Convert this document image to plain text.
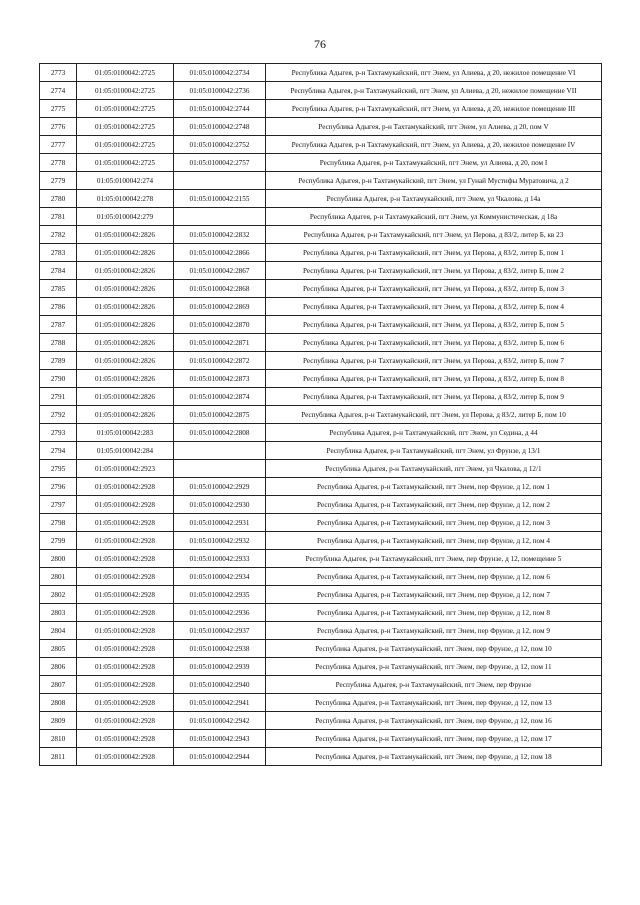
76
2773	01:05:0100042:2725	01:05:0100042:2734	Республика Адыгея, р-н Тахтамукайский, пгт Энем, ул Алиева, д 20, нежилое помещение VI
2774	01:05:0100042:2725	01:05:0100042:2736	Республика Адыгея, р-н Тахтамукайский, пгт Энем, ул Алиева, д 20, нежилое помещение VII
2775	01:05:0100042:2725	01:05:0100042:2744	Республика Адыгея, р-н Тахтамукайский, пгт Энем, ул Алиева, д 20, нежилое помещение III
2776	01:05:0100042:2725	01:05:0100042:2748	Республика Адыгея, р-н Тахтамукайский, пгт Энем, ул Алиева, д 20, пом V
2777	01:05:0100042:2725	01:05:0100042:2752	Республика Адыгея, р-н Тахтамукайский, пгт Энем, ул Алиева, д 20, нежилое помещение IV
2778	01:05:0100042:2725	01:05:0100042:2757	Республика Адыгея, р-н Тахтамукайский, пгт Энем, ул Алиева, д 20, пом I
2779	01:05:0100042:274		Республика Адыгея, р-н Тахтамукайский, пгт Энем, ул Гунай Мустифы Муратовича, д 2
2780	01:05:0100042:278	01:05:0100042:2155	Республика Адыгея, р-н Тахтамукайский, пгт Энем, ул Чкалова, д 14а
2781	01:05:0100042:279		Республика Адыгея, р-н Тахтамукайский, пгт Энем, ул Коммунистическая, д 18а
2782	01:05:0100042:2826	01:05:0100042:2832	Республика Адыгея, р-н Тахтамукайский, пгт Энем, ул Перова, д 83/2, литер Б, кв 23
2783	01:05:0100042:2826	01:05:0100042:2866	Республика Адыгея, р-н Тахтамукайский, пгт Энем, ул Перова, д 83/2, литер Б, пом 1
2784	01:05:0100042:2826	01:05:0100042:2867	Республика Адыгея, р-н Тахтамукайский, пгт Энем, ул Перова, д 83/2, литер Б, пом 2
2785	01:05:0100042:2826	01:05:0100042:2868	Республика Адыгея, р-н Тахтамукайский, пгт Энем, ул Перова, д 83/2, литер Б, пом 3
2786	01:05:0100042:2826	01:05:0100042:2869	Республика Адыгея, р-н Тахтамукайский, пгт Энем, ул Перова, д 83/2, литер Б, пом 4
2787	01:05:0100042:2826	01:05:0100042:2870	Республика Адыгея, р-н Тахтамукайский, пгт Энем, ул Перова, д 83/2, литер Б, пом 5
2788	01:05:0100042:2826	01:05:0100042:2871	Республика Адыгея, р-н Тахтамукайский, пгт Энем, ул Перова, д 83/2, литер Б, пом 6
2789	01:05:0100042:2826	01:05:0100042:2872	Республика Адыгея, р-н Тахтамукайский, пгт Энем, ул Перова, д 83/2, литер Б, пом 7
2790	01:05:0100042:2826	01:05:0100042:2873	Республика Адыгея, р-н Тахтамукайский, пгт Энем, ул Перова, д 83/2, литер Б, пом 8
2791	01:05:0100042:2826	01:05:0100042:2874	Республика Адыгея, р-н Тахтамукайский, пгт Энем, ул Перова, д 83/2, литер Б, пом 9
2792	01:05:0100042:2826	01:05:0100042:2875	Республика Адыгея, р-н Тахтамукайский, пгт Энем, ул Перова, д 83/2, литер Б, пом 10
2793	01:05:0100042:283	01:05:0100042:2808	Республика Адыгея, р-н Тахтамукайский, пгт Энем, ул Седина, д 44
2794	01:05:0100042:284		Республика Адыгея, р-н Тахтамукайский, пгт Энем, ул Фрунзе, д 13/1
2795	01:05:0100042:2923		Республика Адыгея, р-н Тахтамукайский, пгт Энем, ул Чкалова, д 12/1
2796	01:05:0100042:2928	01:05:0100042:2929	Республика Адыгея, р-н Тахтамукайский, пгт Энем, пер Фрунзе, д 12, пом 1
2797	01:05:0100042:2928	01:05:0100042:2930	Республика Адыгея, р-н Тахтамукайский, пгт Энем, пер Фрунзе, д 12, пом 2
2798	01:05:0100042:2928	01:05:0100042:2931	Республика Адыгея, р-н Тахтамукайский, пгт Энем, пер Фрунзе, д 12, пом 3
2799	01:05:0100042:2928	01:05:0100042:2932	Республика Адыгея, р-н Тахтамукайский, пгт Энем, пер Фрунзе, д 12, пом 4
2800	01:05:0100042:2928	01:05:0100042:2933	Республика Адыгея, р-н Тахтамукайский, пгт Энем, пер Фрунзе, д 12, помещение 5
2801	01:05:0100042:2928	01:05:0100042:2934	Республика Адыгея, р-н Тахтамукайский, пгт Энем, пер Фрунзе, д 12, пом 6
2802	01:05:0100042:2928	01:05:0100042:2935	Республика Адыгея, р-н Тахтамукайский, пгт Энем, пер Фрунзе, д 12, пом 7
2803	01:05:0100042:2928	01:05:0100042:2936	Республика Адыгея, р-н Тахтамукайский, пгт Энем, пер Фрунзе, д 12, пом 8
2804	01:05:0100042:2928	01:05:0100042:2937	Республика Адыгея, р-н Тахтамукайский, пгт Энем, пер Фрунзе, д 12, пом 9
2805	01:05:0100042:2928	01:05:0100042:2938	Республика Адыгея, р-н Тахтамукайский, пгт Энем, пер Фрунзе, д 12, пом 10
2806	01:05:0100042:2928	01:05:0100042:2939	Республика Адыгея, р-н Тахтамукайский, пгт Энем, пер Фрунзе, д 12, пом 11
2807	01:05:0100042:2928	01:05:0100042:2940	Республика Адыгея, р-н Тахтамукайский, пгт Энем, пер Фрунзе
2808	01:05:0100042:2928	01:05:0100042:2941	Республика Адыгея, р-н Тахтамукайский, пгт Энем, пер Фрунзе, д 12, пом 13
2809	01:05:0100042:2928	01:05:0100042:2942	Республика Адыгея, р-н Тахтамукайский, пгт Энем, пер Фрунзе, д 12, пом 16
2810	01:05:0100042:2928	01:05:0100042:2943	Республика Адыгея, р-н Тахтамукайский, пгт Энем, пер Фрунзе, д 12, пом 17
2811	01:05:0100042:2928	01:05:0100042:2944	Республика Адыгея, р-н Тахтамукайский, пгт Энем, пер Фрунзе, д 12, пом 18
